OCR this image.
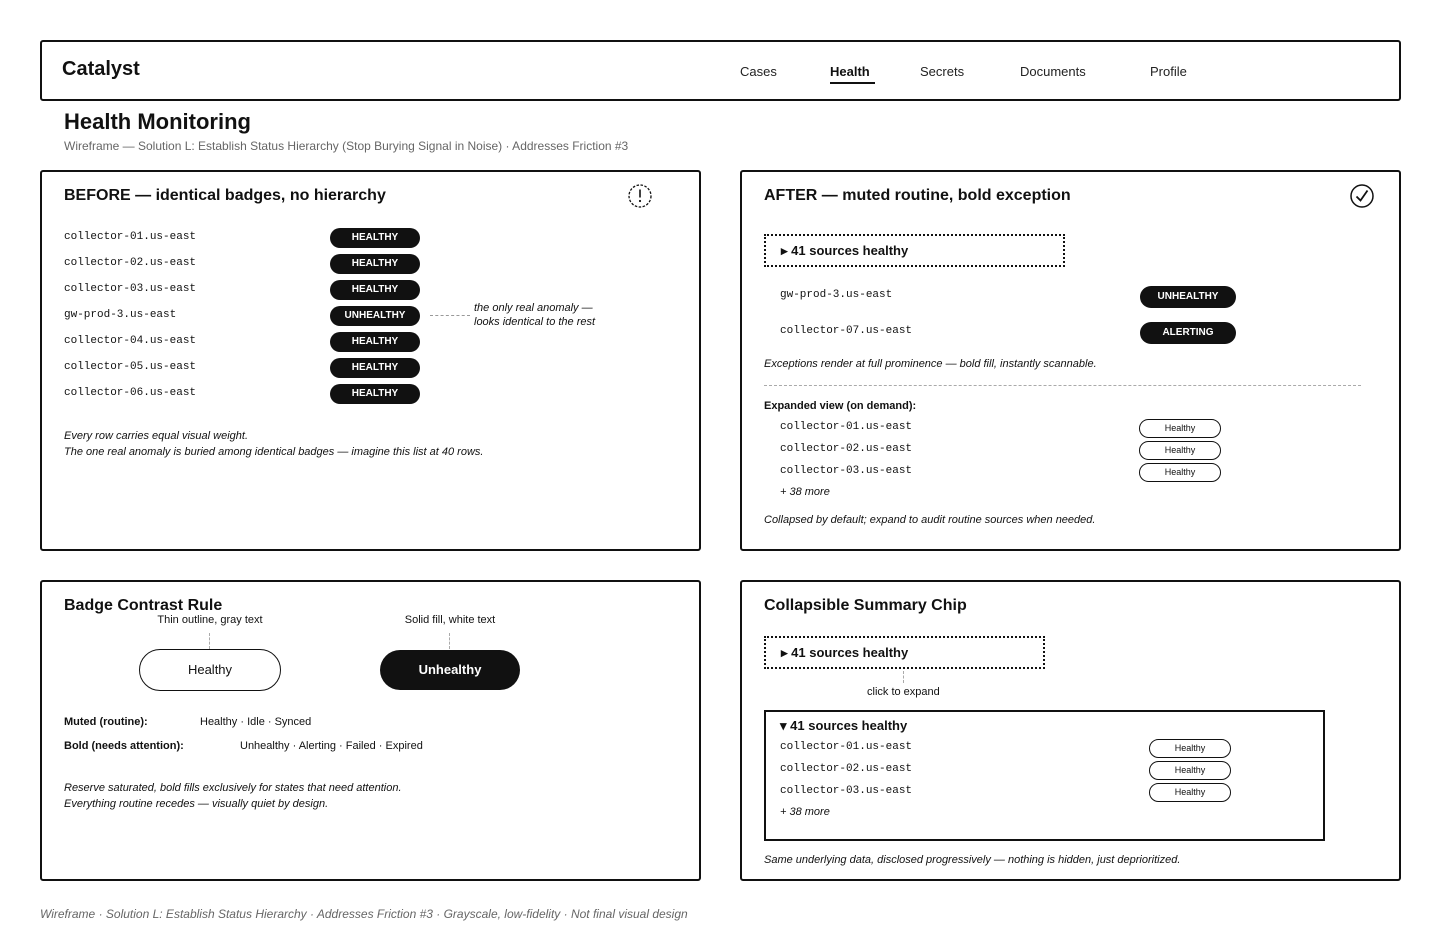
Catalyst	Cases	Health	Secrets	Documents	Profile
Health Monitoring
Wireframe — Solution L: Establish Status Hierarchy (Stop Burying Signal in Noise) · Addresses Friction #3
BEFORE — identical badges, no hierarchy
collector-01.us-east	HEALTHY
collector-02.us-east	HEALTHY
collector-03.us-east	HEALTHY
gw-prod-3.us-east	UNHEALTHY
collector-04.us-east	HEALTHY
collector-05.us-east	HEALTHY
collector-06.us-east	HEALTHY
the only real anomaly —
looks identical to the rest
Every row carries equal visual weight.
The one real anomaly is buried among identical badges — imagine this list at 40 rows.
AFTER — muted routine, bold exception
▸ 41 sources healthy
gw-prod-3.us-east	UNHEALTHY
collector-07.us-east	ALERTING
Exceptions render at full prominence — bold fill, instantly scannable.
Expanded view (on demand):
collector-01.us-east	Healthy
collector-02.us-east	Healthy
collector-03.us-east	Healthy
+ 38 more
Collapsed by default; expand to audit routine sources when needed.
Badge Contrast Rule
Thin outline, gray text
Healthy
Solid fill, white text
Unhealthy
Muted (routine):	Healthy · Idle · Synced
Bold (needs attention):	Unhealthy · Alerting · Failed · Expired
Reserve saturated, bold fills exclusively for states that need attention.
Everything routine recedes — visually quiet by design.
Collapsible Summary Chip
▸ 41 sources healthy
click to expand
▾ 41 sources healthy
collector-01.us-east	Healthy
collector-02.us-east	Healthy
collector-03.us-east	Healthy
+ 38 more
Same underlying data, disclosed progressively — nothing is hidden, just deprioritized.
Wireframe · Solution L: Establish Status Hierarchy · Addresses Friction #3 · Grayscale, low-fidelity · Not final visual design
